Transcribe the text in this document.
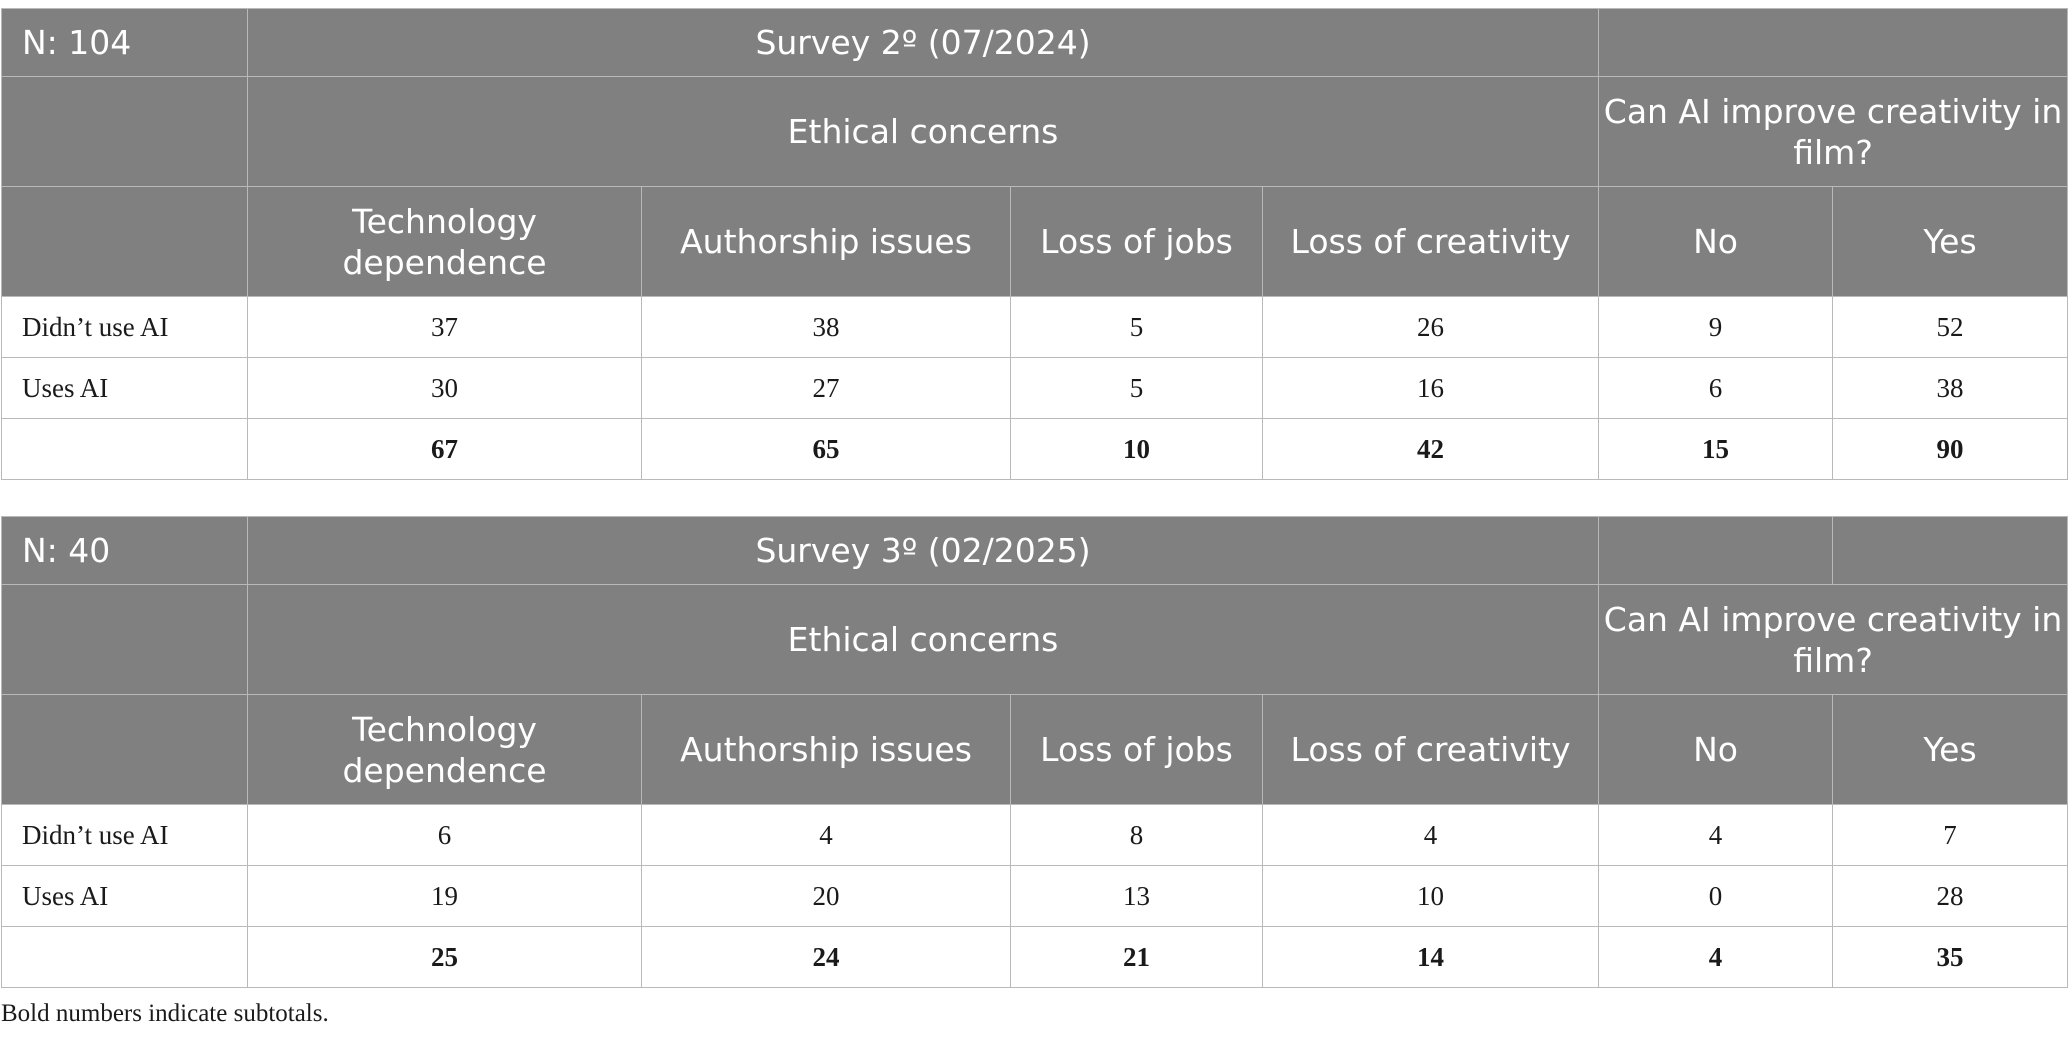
N: 104	Survey 2º (07/2024)					
	Ethical concerns				Can AI improve creativity in film?	
	Technology dependence	Authorship issues	Loss of jobs	Loss of creativity	No	Yes
Didn’t use AI	37	38	5	26	9	52
Uses AI	30	27	5	16	6	38
	67	65	10	42	15	90
N: 40	Survey 3º (02/2025)					
	Ethical concerns				Can AI improve creativity in film?	
	Technology dependence	Authorship issues	Loss of jobs	Loss of creativity	No	Yes
Didn’t use AI	6	4	8	4	4	7
Uses AI	19	20	13	10	0	28
	25	24	21	14	4	35
Bold numbers indicate subtotals.
